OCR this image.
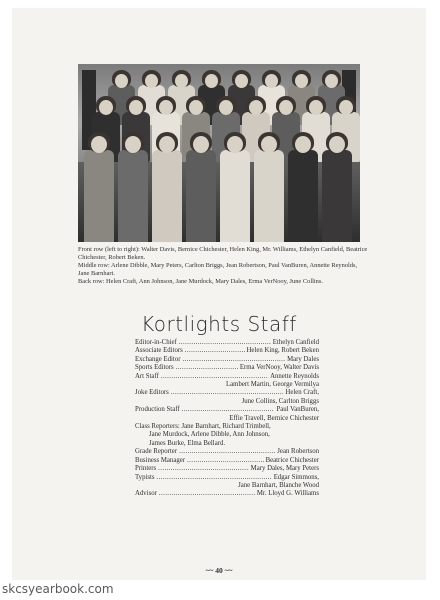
Front row (left to right): Walter Davis, Bernice Chichester, Helen King, Mr. Williams, Ethelyn Canfield, Beatrice Chichester, Robert Beken.

Middle row: Arlene Dibble, Mary Peters, Carlton Briggs, Jean Robertson, Paul VanBuren, Annette Reynolds, Jane Barnhart.

Back row: Helen Craft, Ann Johnson, Jane Murdock, Mary Dales, Erma VerNooy, June Collins.

Kortlights Staff
Editor-in-Chief .....	Ethelyn Canfield
Associate Editors .....	Helen King, Robert Beken
Exchange Editor .....	Mary Dales
Sports Editors .....	Erma VerNooy, Walter Davis
Art Staff .....	Annette Reynolds
Lambert Martin, George Vermilya
Joke Editors .....	Helen Craft,
June Collins, Carlton Briggs
Production Staff .....	Paul VanBuren,
Effie Travell, Bernice Chichester
Class Reporters: Jane Barnhart, Richard Trimbell,
Jane Murdock, Arlene Dibble, Ann Johnson,
James Burke, Elma Bellard.
Grade Reporter .....	Jean Robertson
Business Manager .....	Beatrice Chichester
Printers .....	Mary Dales, Mary Peters
Typists .....	Edgar Simmons,
Jane Barnhart, Blanche Wood
Advisor .....	Mr. Lloyd G. Williams
~~ 40 ~~
skcsyearbook.com
